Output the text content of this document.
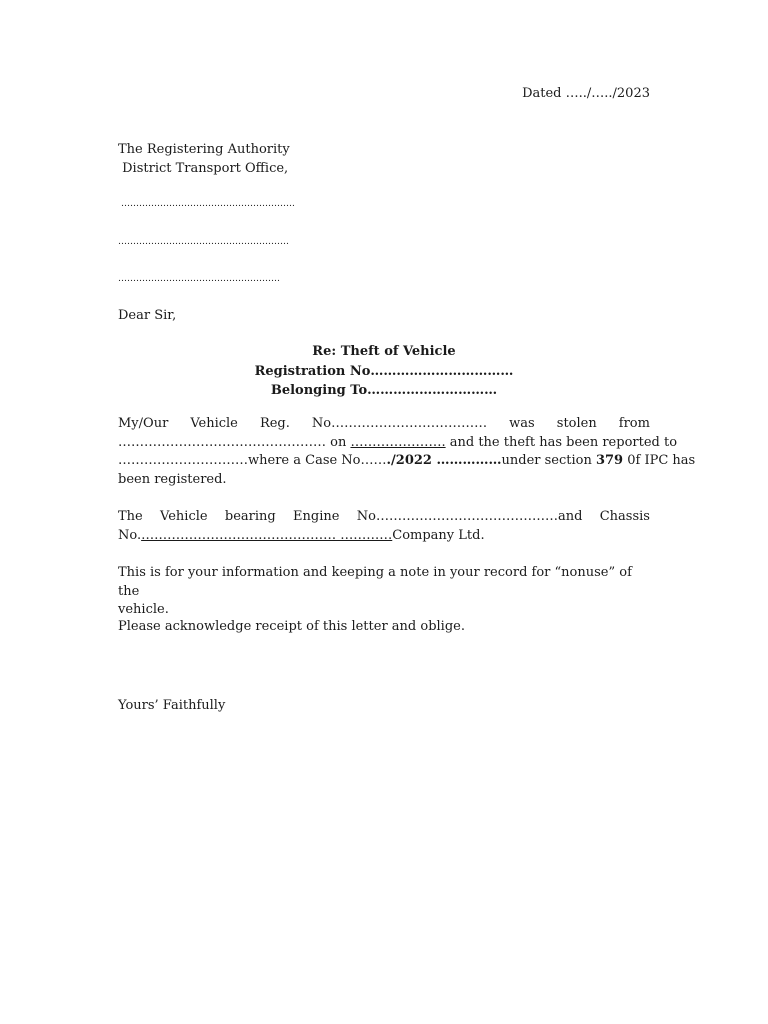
Dated …../…../2023
The Registering Authority
District Transport Office,
………………………………………………….
…………………………………………………
………………………………………………
Dear Sir,
Re: Theft of Vehicle
Registration No……………………………
Belonging To…………………………
My/Our Vehicle Reg. No……………………………… was stolen from
………………………………………… on …………………. and the theft has been reported to
…………………………where a Case No……./2022 ……………under section 379 0f IPC has
been registered.
The Vehicle bearing Engine No……………………………………and Chassis
No.……………………………………… …………Company Ltd.
This is for your information and keeping a note in your record for “nonuse” of the
vehicle.
Please acknowledge receipt of this letter and oblige.
Yours’ Faithfully
